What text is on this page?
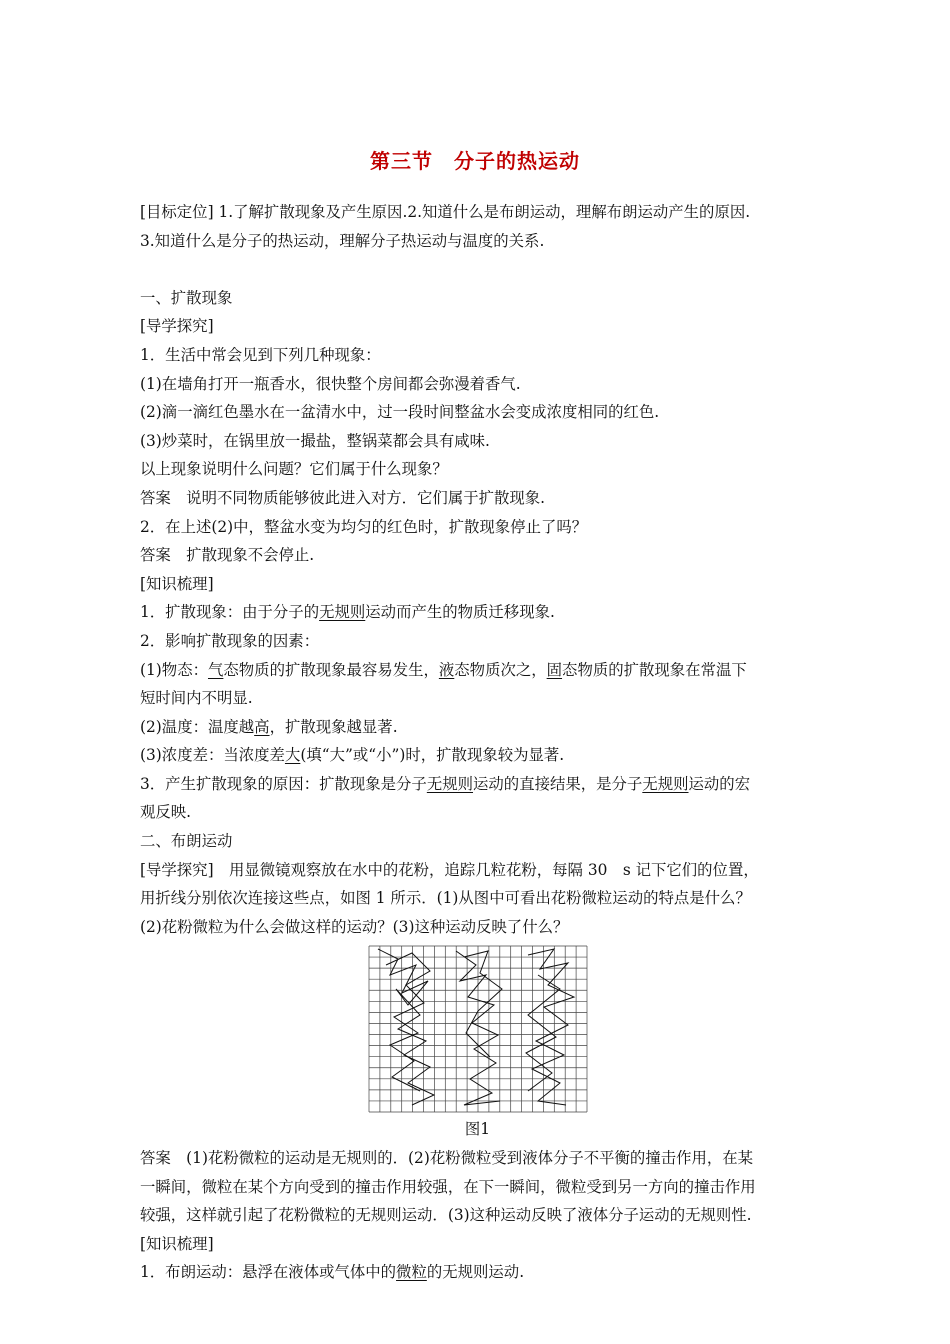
第三节　分子的热运动
[目标定位] 1.了解扩散现象及产生原因.2.知道什么是布朗运动，理解布朗运动产生的原因.
3.知道什么是分子的热运动，理解分子热运动与温度的关系.
一、扩散现象
[导学探究]
1．生活中常会见到下列几种现象：
(1)在墙角打开一瓶香水，很快整个房间都会弥漫着香气.
(2)滴一滴红色墨水在一盆清水中，过一段时间整盆水会变成浓度相同的红色.
(3)炒菜时，在锅里放一撮盐，整锅菜都会具有咸味.
以上现象说明什么问题？它们属于什么现象？
答案　说明不同物质能够彼此进入对方．它们属于扩散现象.
2．在上述(2)中，整盆水变为均匀的红色时，扩散现象停止了吗？
答案　扩散现象不会停止.
[知识梳理]
1．扩散现象：由于分子的无规则运动而产生的物质迁移现象.
2．影响扩散现象的因素：
(1)物态：气态物质的扩散现象最容易发生，液态物质次之，固态物质的扩散现象在常温下
短时间内不明显.
(2)温度：温度越高，扩散现象越显著.
(3)浓度差：当浓度差大(填“大”或“小”)时，扩散现象较为显著.
3．产生扩散现象的原因：扩散现象是分子无规则运动的直接结果，是分子无规则运动的宏
观反映.
二、布朗运动
[导学探究]　用显微镜观察放在水中的花粉，追踪几粒花粉，每隔 30　s 记下它们的位置，
用折线分别依次连接这些点，如图 1 所示．(1)从图中可看出花粉微粒运动的特点是什么？
(2)花粉微粒为什么会做这样的运动？(3)这种运动反映了什么？
图1
答案　(1)花粉微粒的运动是无规则的．(2)花粉微粒受到液体分子不平衡的撞击作用，在某
一瞬间，微粒在某个方向受到的撞击作用较强，在下一瞬间，微粒受到另一方向的撞击作用
较强，这样就引起了花粉微粒的无规则运动．(3)这种运动反映了液体分子运动的无规则性.
[知识梳理]
1．布朗运动：悬浮在液体或气体中的微粒的无规则运动.
